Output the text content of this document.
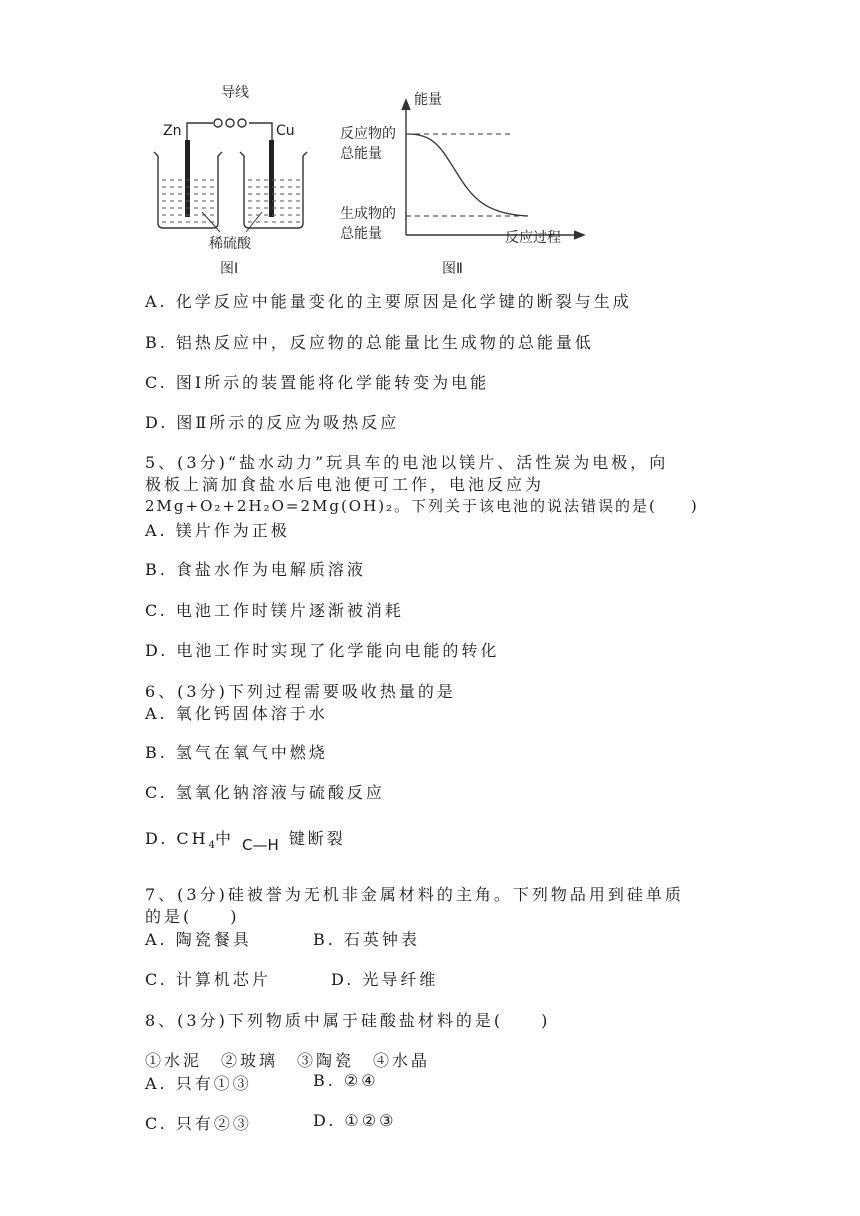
导线
Zn	Cu
稀硫酸
图Ⅰ
能量
反应过程
反应物的
总能量
生成物的
总能量
图Ⅱ
A. 化学反应中能量变化的主要原因是化学键的断裂与生成
B. 铝热反应中，反应物的总能量比生成物的总能量低
C. 图Ⅰ所示的装置能将化学能转变为电能
D. 图Ⅱ所示的反应为吸热反应
5、(3分)“盐水动力”玩具车的电池以镁片、活性炭为电极，向
极板上滴加食盐水后电池便可工作，电池反应为
2Mg+O₂+2H₂O=2Mg(OH)₂。下列关于该电池的说法错误的是(　　)
A. 镁片作为正极
B. 食盐水作为电解质溶液
C. 电池工作时镁片逐渐被消耗
D. 电池工作时实现了化学能向电能的转化
6、(3分)下列过程需要吸收热量的是
A. 氧化钙固体溶于水
B. 氢气在氧气中燃烧
C. 氢氧化钠溶液与硫酸反应
D. $CH_4$中 C—H 键断裂
7、(3分)硅被誉为无机非金属材料的主角。下列物品用到硅单质
的是(　　)
A. 陶瓷餐具	B. 石英钟表
C. 计算机芯片	D. 光导纤维
8、(3分)下列物质中属于硅酸盐材料的是(　　)
①水泥　②玻璃　③陶瓷　④水晶
A. 只有①③	B. ②④
C. 只有②③	D. ①②③
